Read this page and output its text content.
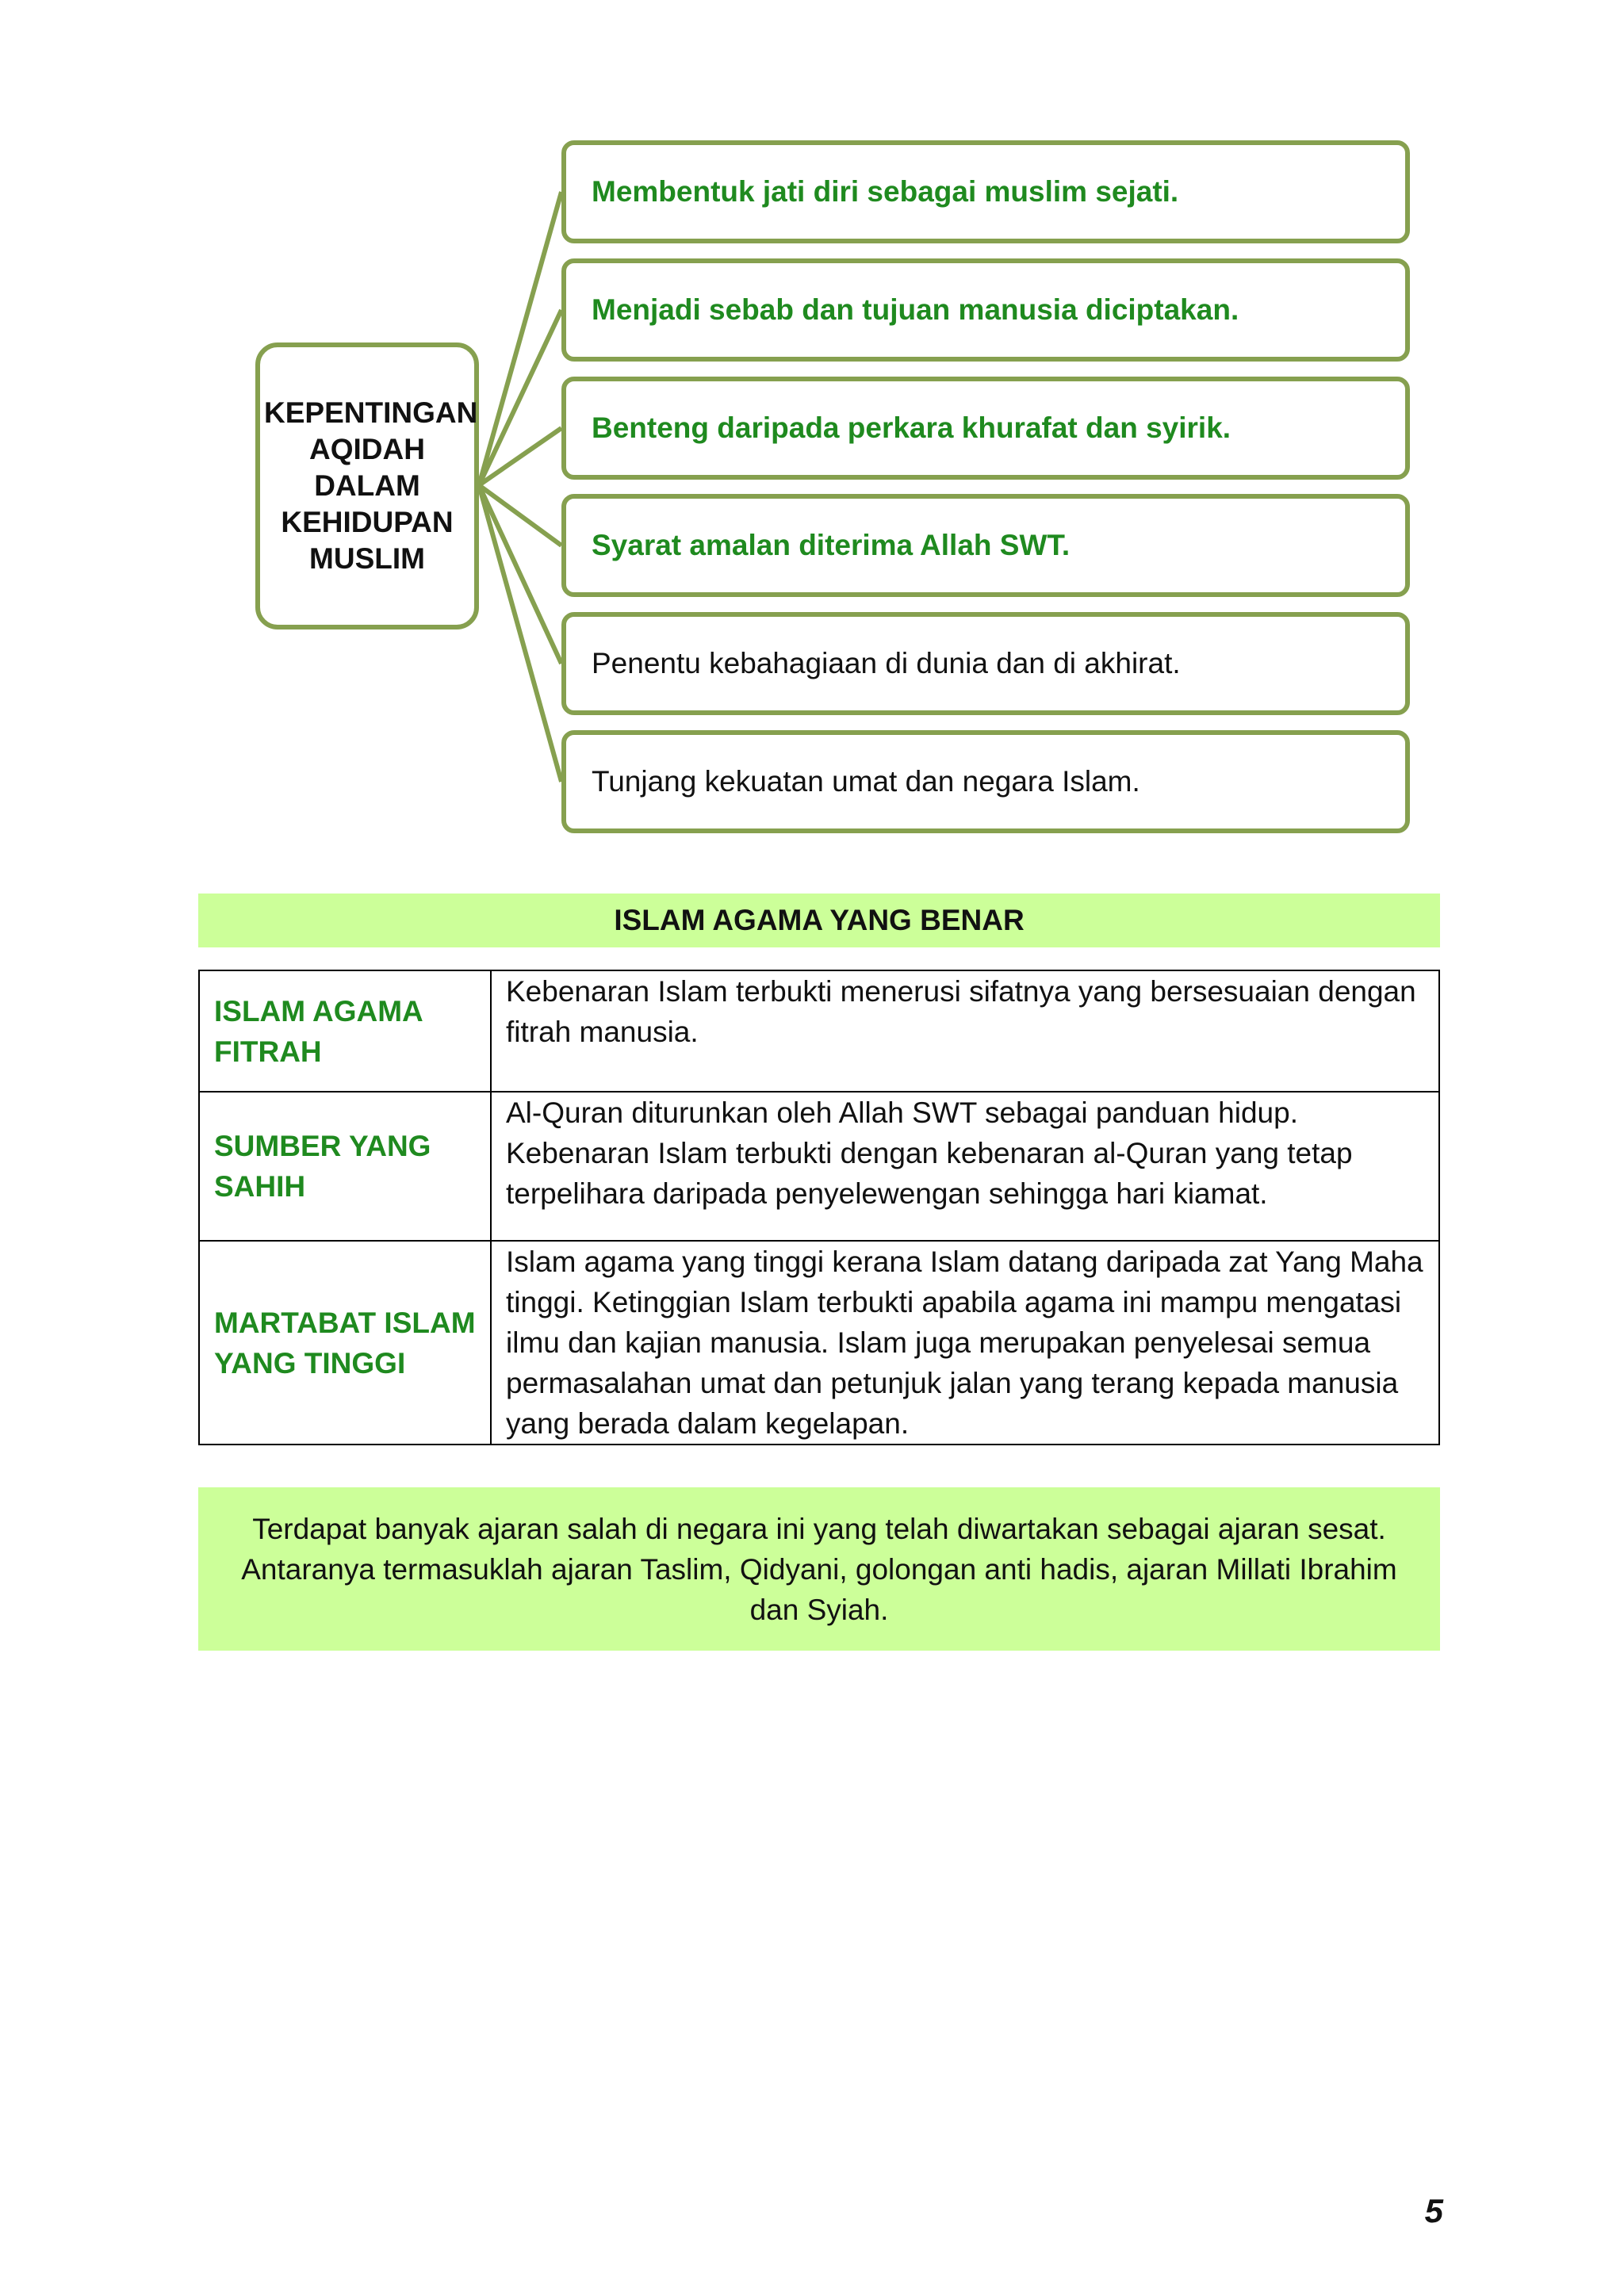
KEPENTINGAN AQIDAH DALAM KEHIDUPAN MUSLIM
Membentuk jati diri sebagai muslim sejati.
Menjadi sebab dan tujuan manusia diciptakan.
Benteng daripada perkara khurafat dan syirik.
Syarat amalan diterima Allah SWT.
Penentu kebahagiaan di dunia dan di akhirat.
Tunjang kekuatan umat dan negara Islam.
ISLAM AGAMA YANG BENAR
ISLAM AGAMA FITRAH	Kebenaran Islam terbukti menerusi sifatnya yang bersesuaian dengan fitrah manusia.
SUMBER YANG SAHIH	Al-Quran diturunkan oleh Allah SWT sebagai panduan hidup. Kebenaran Islam terbukti dengan kebenaran al-Quran yang tetap terpelihara daripada penyelewengan sehingga hari kiamat.
MARTABAT ISLAM YANG TINGGI	Islam agama yang tinggi kerana Islam datang daripada zat Yang Maha tinggi. Ketinggian Islam terbukti apabila agama ini mampu mengatasi ilmu dan kajian manusia. Islam juga merupakan penyelesai semua permasalahan umat dan petunjuk jalan yang terang kepada manusia yang berada dalam kegelapan.
Terdapat banyak ajaran salah di negara ini yang telah diwartakan sebagai ajaran sesat. Antaranya termasuklah ajaran Taslim, Qidyani, golongan anti hadis, ajaran Millati Ibrahim dan Syiah.
5
